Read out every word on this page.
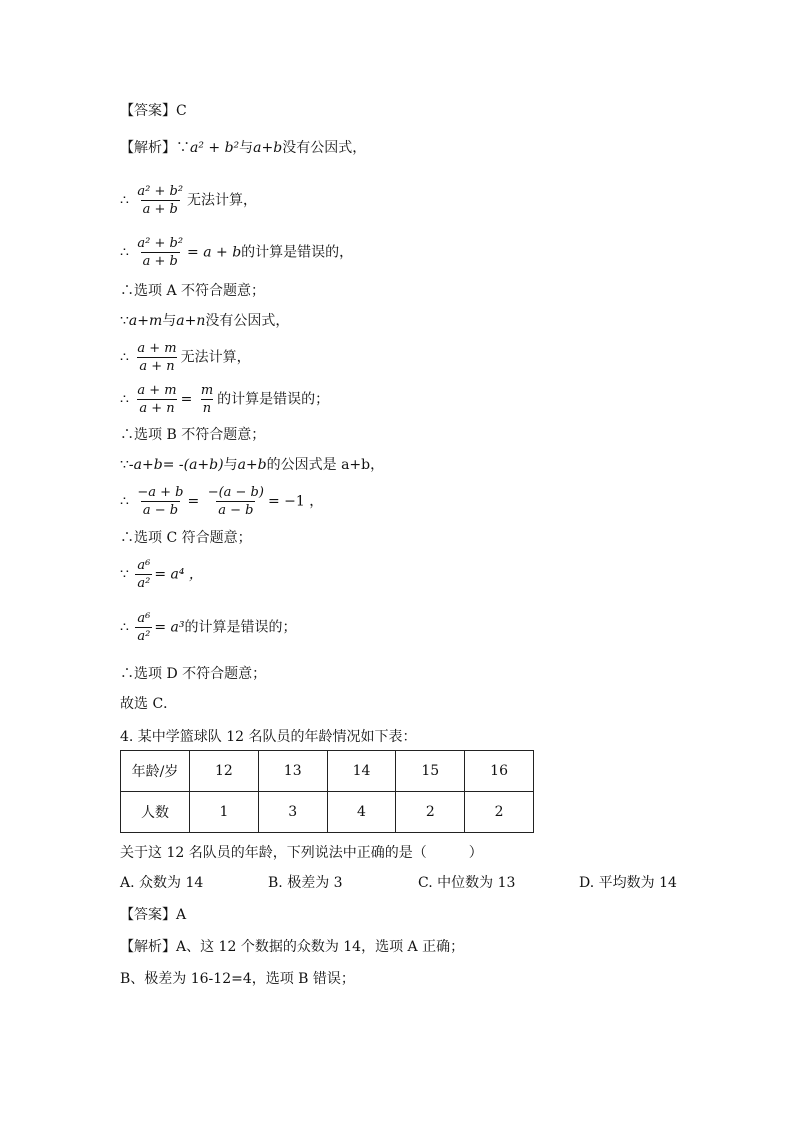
【答案】C
【解析】∵a² + b²与a+b没有公因式，
∴ $\frac{\text{a² + b²}}{a + b}$ 无法计算，
∴ $\frac{\text{a² + b²}}{a + b} = a + b$的计算是错误的，
∴选项 A 不符合题意；
∵a+m与a+n没有公因式，
∴ $\frac{a + m}{a + n}$ 无法计算，
∴ $\frac{a + m}{a + n} = \frac{m}{n}$ 的计算是错误的；
∴选项 B 不符合题意；
∵-a+b= -(a+b)与a+b的公因式是 a+b，
∴ $\frac{-a + b}{a - b} = \frac{-(a - b)}{a - b} = -1$ ，
∴选项 C 符合题意；
∵ $\frac{\text{a⁶}}{\text{a²}} = a^4$ ，
∴ $\frac{\text{a⁶}}{\text{a²}} = a^3$的计算是错误的；
∴选项 D 不符合题意；
故选 C．
4. 某中学篮球队 12 名队员的年龄情况如下表：
年龄/岁	12	13	14	15	16
人数	1	3	4	2	2
关于这 12 名队员的年龄，下列说法中正确的是（　　　）
A. 众数为 14	B. 极差为 3	C. 中位数为 13	D. 平均数为 14
【答案】A
【解析】A、这 12 个数据的众数为 14，选项 A 正确；
B、极差为 16-12=4，选项 B 错误；
